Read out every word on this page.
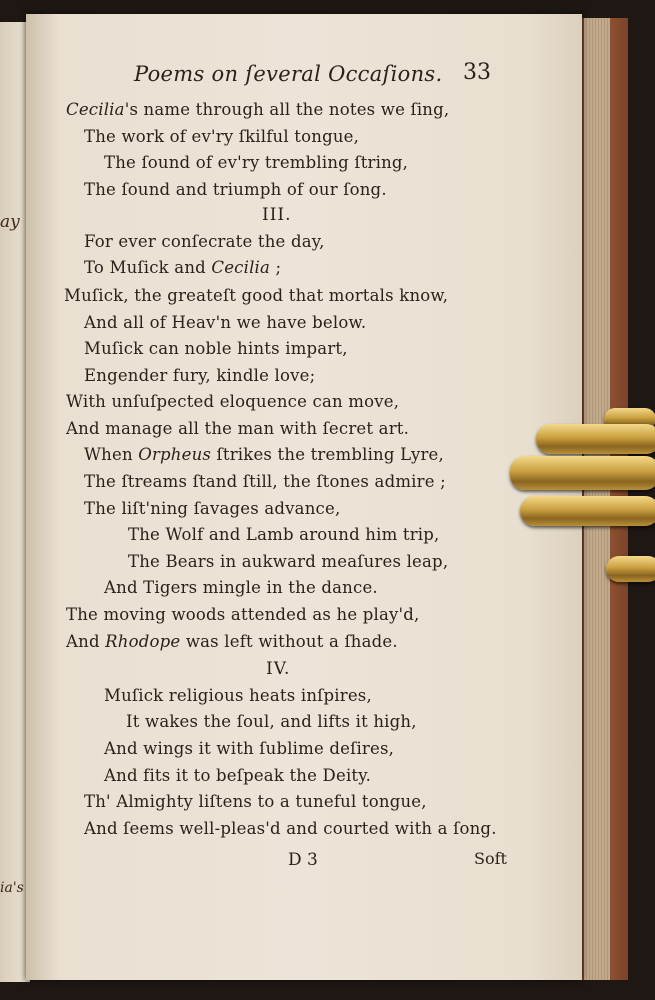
ay
ia's
Poems on ſeveral Occaſions. 33
Cecilia's name through all the notes we ſing,
The work of ev'ry ſkilful tongue,
The ſound of ev'ry trembling ſtring,
The ſound and triumph of our ſong.
III.
For ever conſecrate the day,
To Muſick and Cecilia ;
Muſick, the greateſt good that mortals know,
And all of Heav'n we have below.
Muſick can noble hints impart,
Engender fury, kindle love;
With unſuſpected eloquence can move,
And manage all the man with ſecret art.
When Orpheus ſtrikes the trembling Lyre,
The ſtreams ſtand ſtill, the ſtones admire ;
The liſt'ning ſavages advance,
The Wolf and Lamb around him trip,
The Bears in aukward meaſures leap,
And Tigers mingle in the dance.
The moving woods attended as he play'd,
And Rhodope was left without a ſhade.
IV.
Muſick religious heats inſpires,
It wakes the ſoul, and lifts it high,
And wings it with ſublime deſires,
And fits it to beſpeak the Deity.
Th' Almighty liſtens to a tuneful tongue,
And ſeems well-pleas'd and courted with a ſong.
D 3	Soft
